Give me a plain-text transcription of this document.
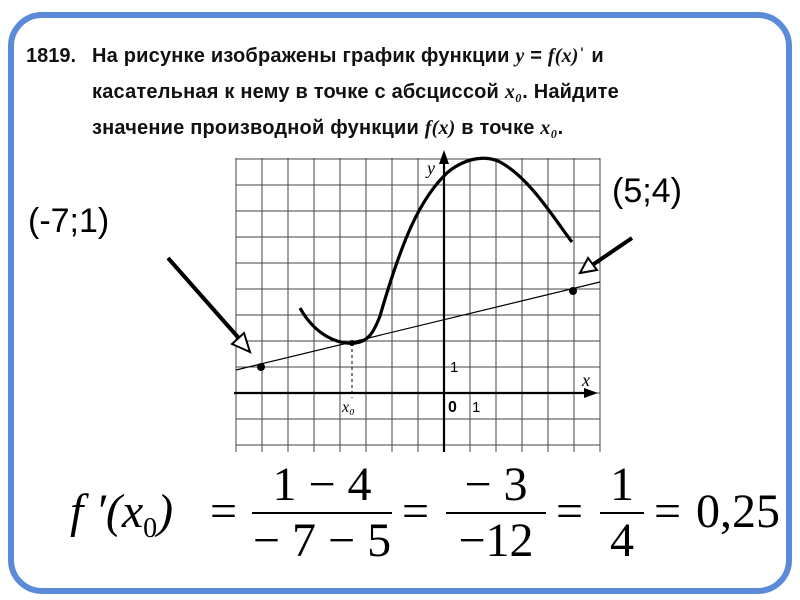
1819. На рисунке изображены график функции y = f(x)ˈ и
касательная к нему в точке с абсциссой x₀. Найдите
значение производной функции f(x) в точке x₀.
y
x
0 1
1
x₀
(-7;1)
(5;4)
f $'(x_0)$ =
1 − 4
− 7 − 5
=
− 3
−12
=
1
4
= 0,25
